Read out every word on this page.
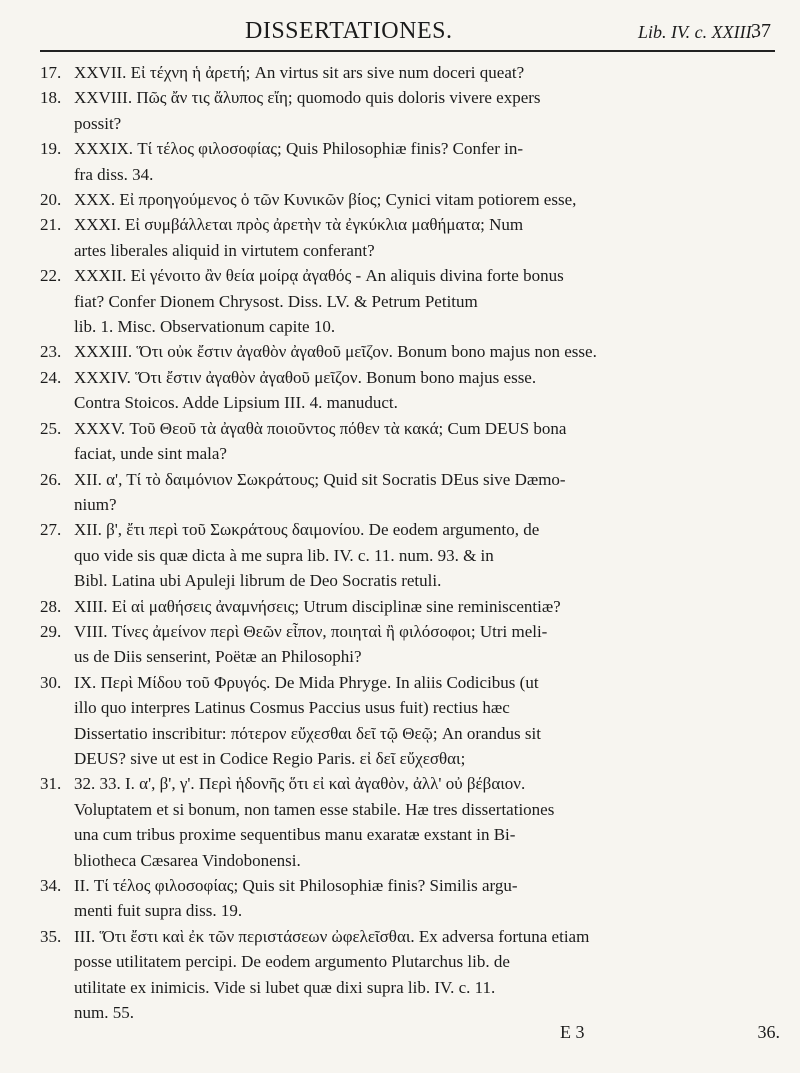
DISSERTATIONES.	Lib. IV. c. XXIII.
37
17. XXVII. Εἰ τέχνη ἡ ἀρετή; An virtus sit ars sive num doceri queat?
18. XXVIII. Πῶς ἄν τις ἄλυπος εἴη; quomodo quis doloris vivere expers
possit?
19. XXXIX. Τί τέλος φιλοσοφίας; Quis Philosophiæ finis? Confer in-
fra diss. 34.
20. XXX. Εἰ προηγούμενος ὁ τῶν Κυνικῶν βίος; Cynici vitam potiorem esse,
21. XXXI. Εἰ συμβάλλεται πρὸς ἀρετὴν τὰ ἐγκύκλια μαθήματα; Num
artes liberales aliquid in virtutem conferant?
22. XXXII. Εἰ γένοιτο ἂν θεία μοίρᾳ ἀγαθός - An aliquis divina forte bonus
fiat? Confer Dionem Chrysost. Diss. LV. & Petrum Petitum
lib. 1. Misc. Observationum capite 10.
23. XXXIII. Ὅτι οὐκ ἔστιν ἀγαθὸν ἀγαθοῦ μεῖζον. Bonum bono majus non esse.
24. XXXIV. Ὅτι ἔστιν ἀγαθὸν ἀγαθοῦ μεῖζον. Bonum bono majus esse.
Contra Stoicos. Adde Lipsium III. 4. manuduct.
25. XXXV. Τοῦ Θεοῦ τὰ ἀγαθὰ ποιοῦντος πόθεν τὰ κακά; Cum DEUS bona
faciat, unde sint mala?
26. XII. α', Τί τὸ δαιμόνιον Σωκράτους; Quid sit Socratis DEus sive Dæmo-
nium?
27. XII. β', ἔτι περὶ τοῦ Σωκράτους δαιμονίου. De eodem argumento, de
quo vide sis quæ dicta à me supra lib. IV. c. 11. num. 93. & in
Bibl. Latina ubi Apuleji librum de Deo Socratis retuli.
28. XIII. Εἰ αἱ μαθήσεις ἀναμνήσεις; Utrum disciplinæ sine reminiscentiæ?
29. VIII. Τίνες ἀμείνον περὶ Θεῶν εἶπον, ποιηταὶ ἢ φιλόσοφοι; Utri meli-
us de Diis senserint, Poëtæ an Philosophi?
30. IX. Περὶ Μίδου τοῦ Φρυγός. De Mida Phryge. In aliis Codicibus (ut
illo quo interpres Latinus Cosmus Paccius usus fuit) rectius hæc
Dissertatio inscribitur: πότερον εὔχεσθαι δεῖ τῷ Θεῷ; An orandus sit
DEUS? sive ut est in Codice Regio Paris. εἰ δεῖ εὔχεσθαι;
31. 32. 33. I. α', β', γ'. Περὶ ἡδονῆς ὅτι εἰ καὶ ἀγαθὸν, ἀλλ' οὐ βέβαιον.
Voluptatem et si bonum, non tamen esse stabile. Hæ tres dissertationes
una cum tribus proxime sequentibus manu exaratæ exstant in Bi-
bliotheca Cæsarea Vindobonensi.
34. II. Τί τέλος φιλοσοφίας; Quis sit Philosophiæ finis? Similis argu-
menti fuit supra diss. 19.
35. III. Ὅτι ἔστι καὶ ἐκ τῶν περιστάσεων ὠφελεῖσθαι. Ex adversa fortuna etiam
posse utilitatem percipi. De eodem argumento Plutarchus lib. de
utilitate ex inimicis. Vide si lubet quæ dixi supra lib. IV. c. 11.
num. 55.
E 3	36.
